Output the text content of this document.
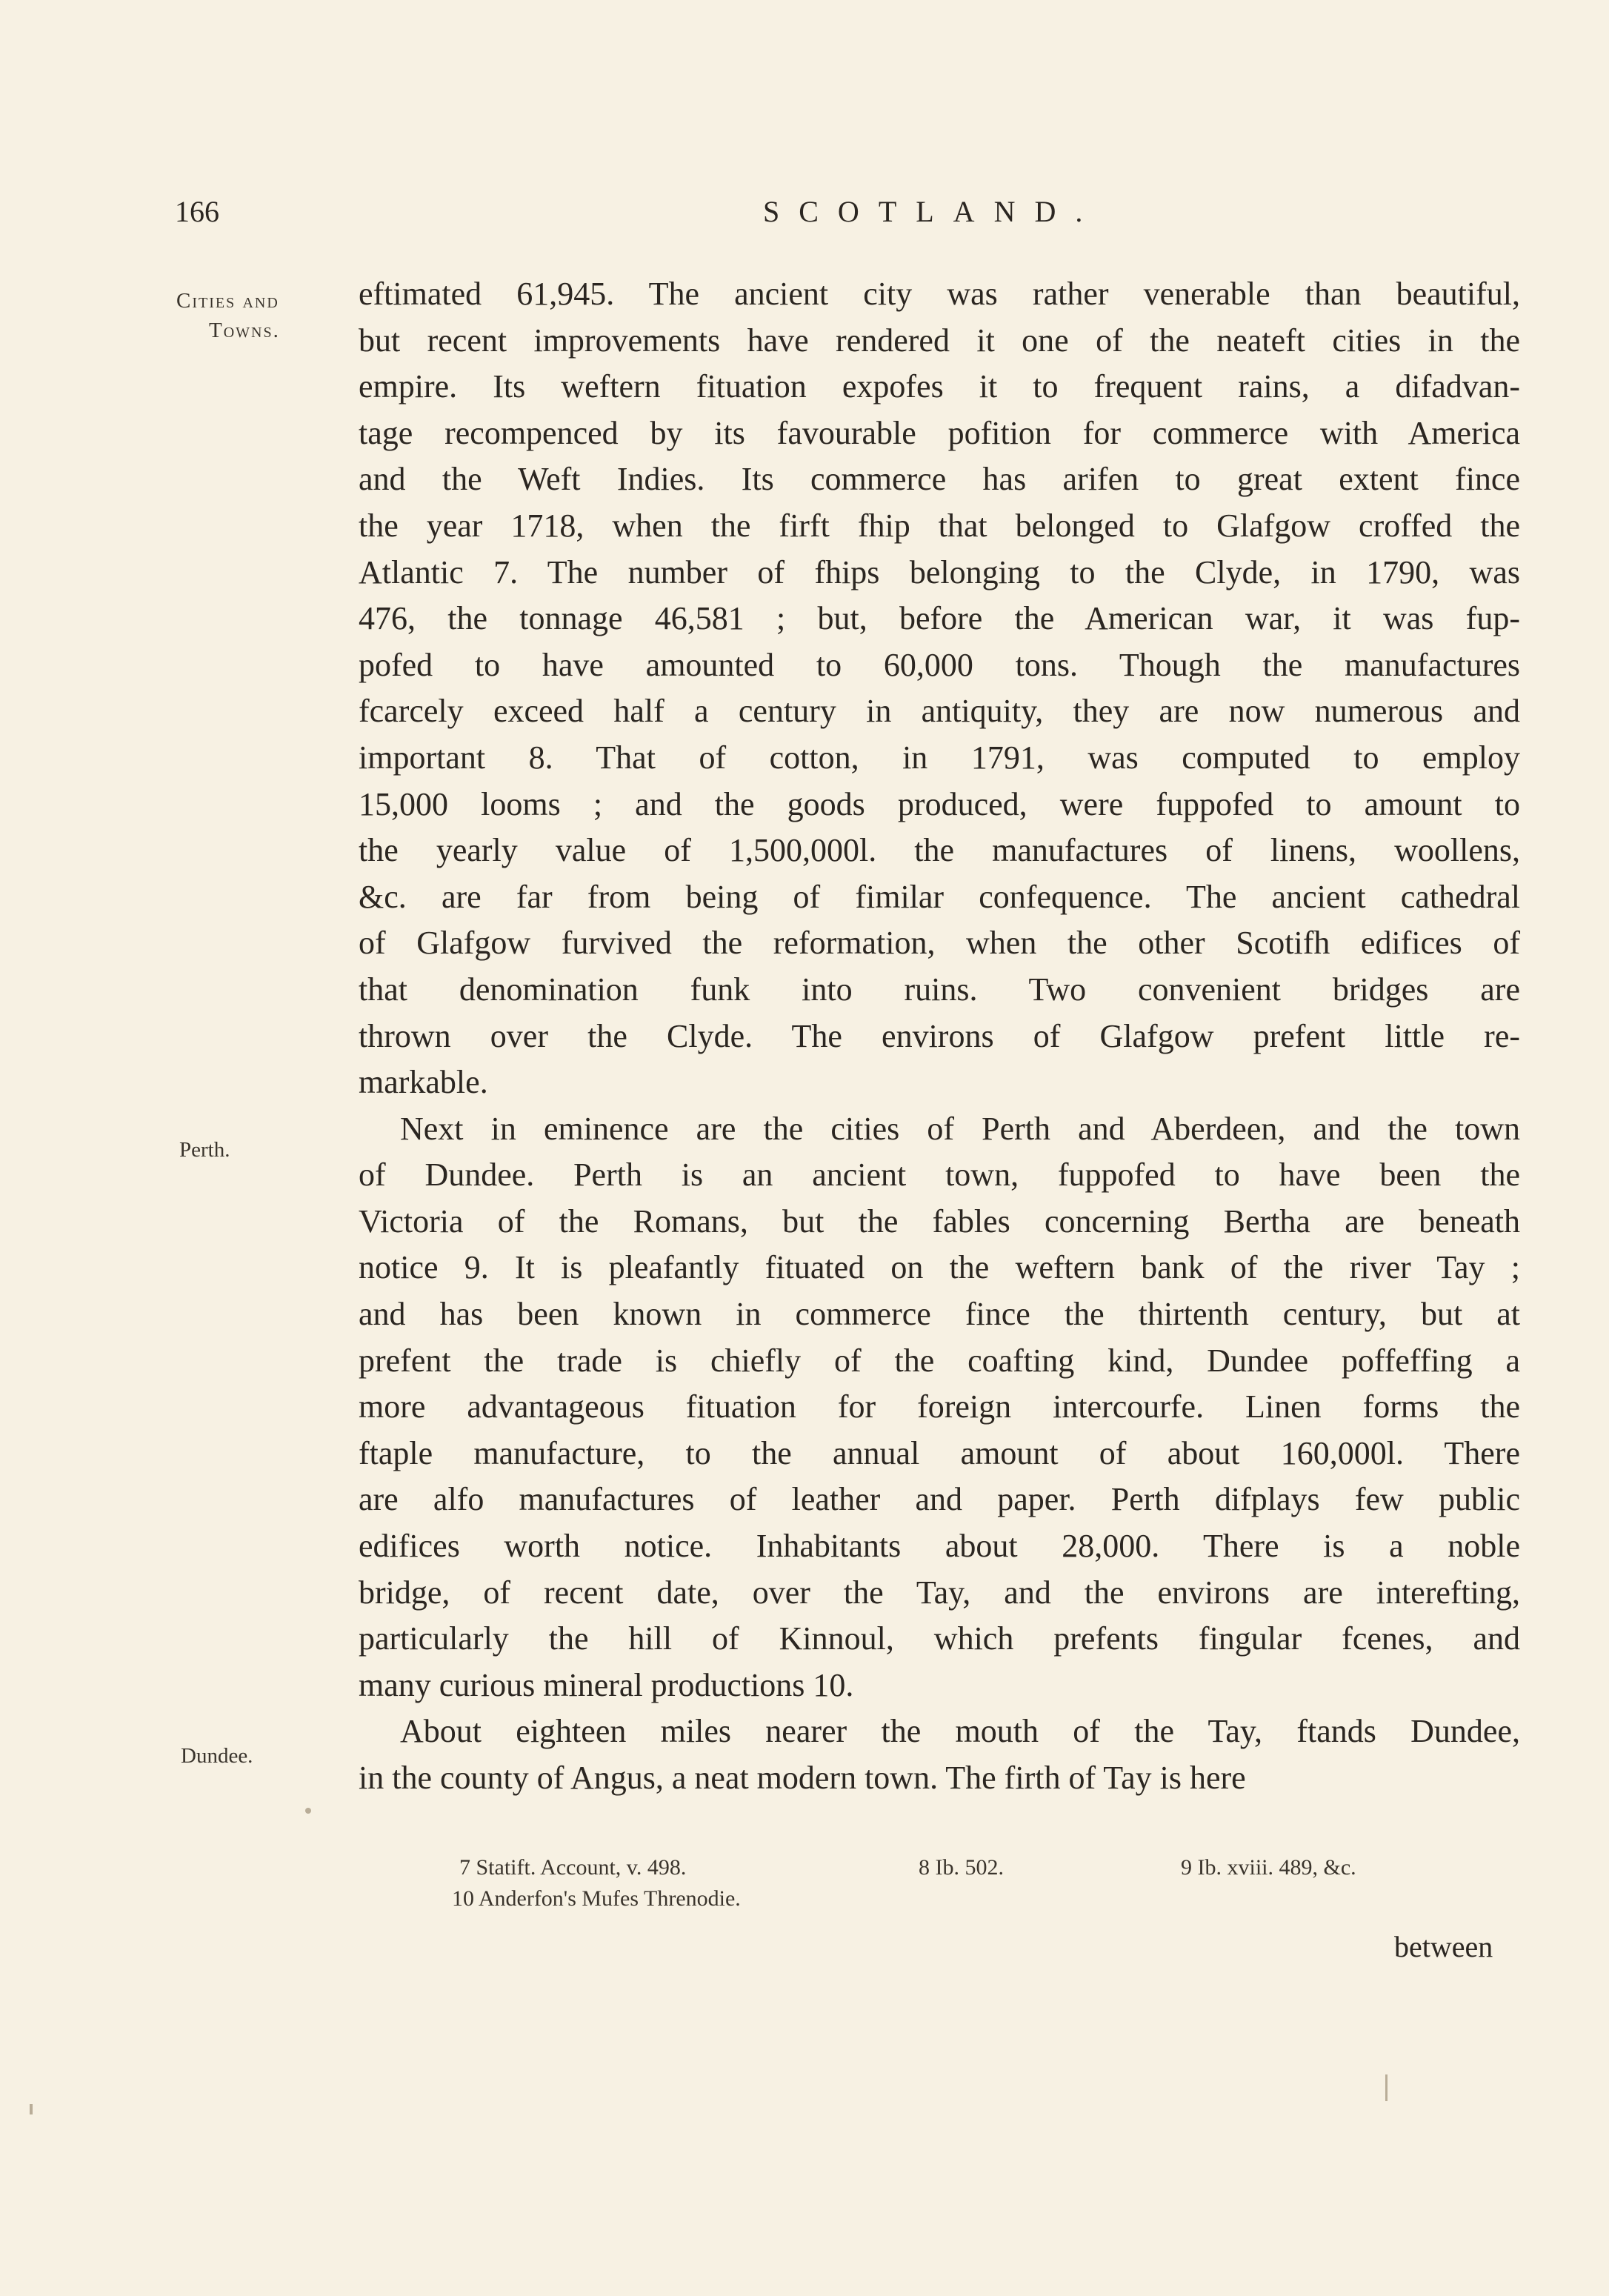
166	SCOTLAND.
Cities and
Towns.
Perth.
Dundee.
eftimated 61,945. The ancient city was rather venerable than beautiful,
but recent improvements have rendered it one of the neateft cities in the
empire. Its weftern fituation expofes it to frequent rains, a difadvan-
tage recompenced by its favourable pofition for commerce with America
and the Weft Indies. Its commerce has arifen to great extent fince
the year 1718, when the firft fhip that belonged to Glafgow croffed the
Atlantic 7. The number of fhips belonging to the Clyde, in 1790, was
476, the tonnage 46,581 ; but, before the American war, it was fup-
pofed to have amounted to 60,000 tons. Though the manufactures
fcarcely exceed half a century in antiquity, they are now numerous and
important 8. That of cotton, in 1791, was computed to employ
15,000 looms ; and the goods produced, were fuppofed to amount to
the yearly value of 1,500,000l. the manufactures of linens, woollens,
&c. are far from being of fimilar confequence. The ancient cathedral
of Glafgow furvived the reformation, when the other Scotifh edifices of
that denomination funk into ruins. Two convenient bridges are
thrown over the Clyde. The environs of Glafgow prefent little re-
markable.
Next in eminence are the cities of Perth and Aberdeen, and the town
of Dundee. Perth is an ancient town, fuppofed to have been the
Victoria of the Romans, but the fables concerning Bertha are beneath
notice 9. It is pleafantly fituated on the weftern bank of the river Tay ;
and has been known in commerce fince the thirtenth century, but at
prefent the trade is chiefly of the coafting kind, Dundee poffeffing a
more advantageous fituation for foreign intercourfe. Linen forms the
ftaple manufacture, to the annual amount of about 160,000l. There
are alfo manufactures of leather and paper. Perth difplays few public
edifices worth notice. Inhabitants about 28,000. There is a noble
bridge, of recent date, over the Tay, and the environs are interefting,
particularly the hill of Kinnoul, which prefents fingular fcenes, and
many curious mineral productions 10.
About eighteen miles nearer the mouth of the Tay, ftands Dundee,
in the county of Angus, a neat modern town. The firth of Tay is here
7 Statift. Account, v. 498.	8 Ib. 502.	9 Ib. xviii. 489, &c.
10 Anderfon's Mufes Threnodie.
between
